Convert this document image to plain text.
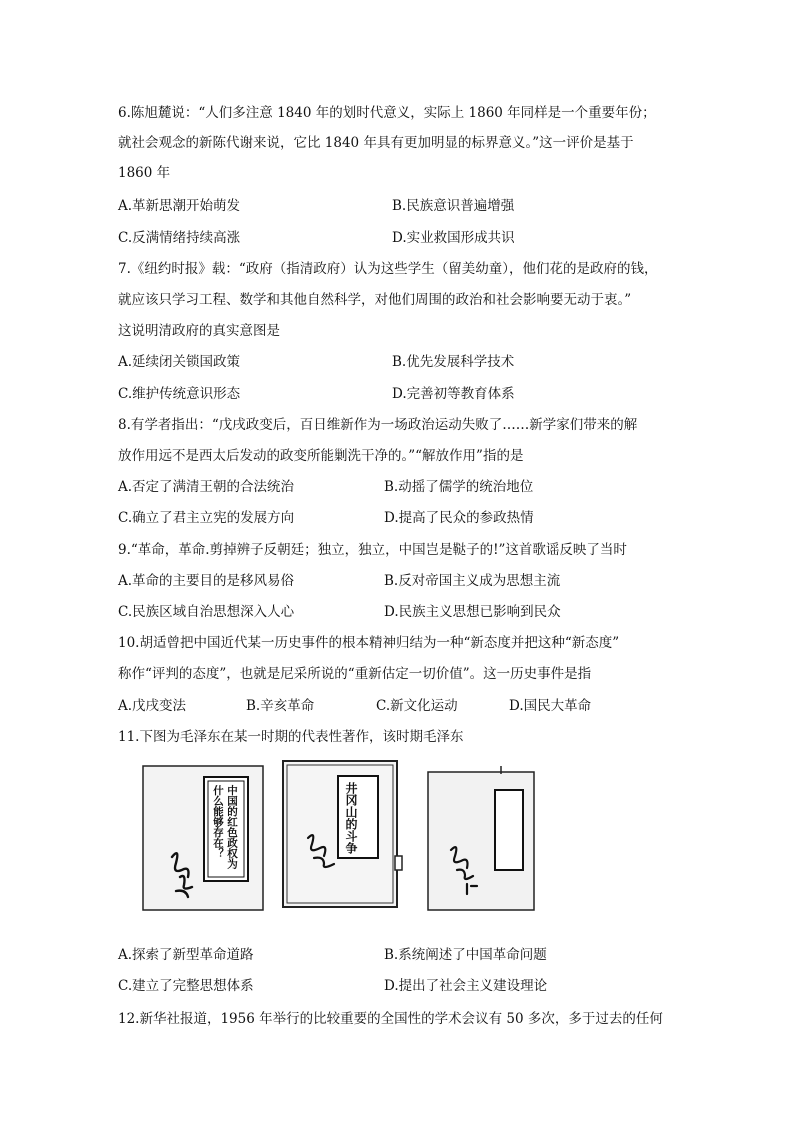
6.陈旭麓说：“人们多注意 1840 年的划时代意义，实际上 1860 年同样是一个重要年份；
就社会观念的新陈代谢来说，它比 1840 年具有更加明显的标界意义。”这一评价是基于
1860 年
A.革新思潮开始萌发	B.民族意识普遍增强
C.反满情绪持续高涨	D.实业救国形成共识
7.《纽约时报》载：“政府（指清政府）认为这些学生（留美幼童），他们花的是政府的钱，
就应该只学习工程、数学和其他自然科学，对他们周围的政治和社会影响要无动于衷。”
这说明清政府的真实意图是
A.延续闭关锁国政策	B.优先发展科学技术
C.维护传统意识形态	D.完善初等教育体系
8.有学者指出：“戊戌政变后，百日维新作为一场政治运动失败了……新学家们带来的解
放作用远不是西太后发动的政变所能剿洗干净的。”“解放作用”指的是
A.否定了满清王朝的合法统治	B.动摇了儒学的统治地位
C.确立了君主立宪的发展方向	D.提高了民众的参政热情
9.“革命，革命.剪掉辨子反朝廷；独立，独立，中国岂是鞑子的!”这首歌谣反映了当时
A.革命的主要目的是移风易俗	B.反对帝国主义成为思想主流
C.民族区域自治思想深入人心	D.民族主义思想已影响到民众
10.胡适曾把中国近代某一历史事件的根本精神归结为一种“新态度并把这种“新态度”
称作“评判的态度”，也就是尼采所说的“重新估定一切价值”。这一历史事件是指
A.戊戌变法	B.辛亥革命	C.新文化运动	D.国民大革命
11.下图为毛泽东在某一时期的代表性著作，该时期毛泽东
中国的红色政权为什么能够存在？	井冈山的斗争
A.探索了新型革命道路	B.系统阐述了中国革命问题
C.建立了完整思想体系	D.提出了社会主义建设理论
12.新华社报道，1956 年举行的比较重要的全国性的学术会议有 50 多次，多于过去的任何
